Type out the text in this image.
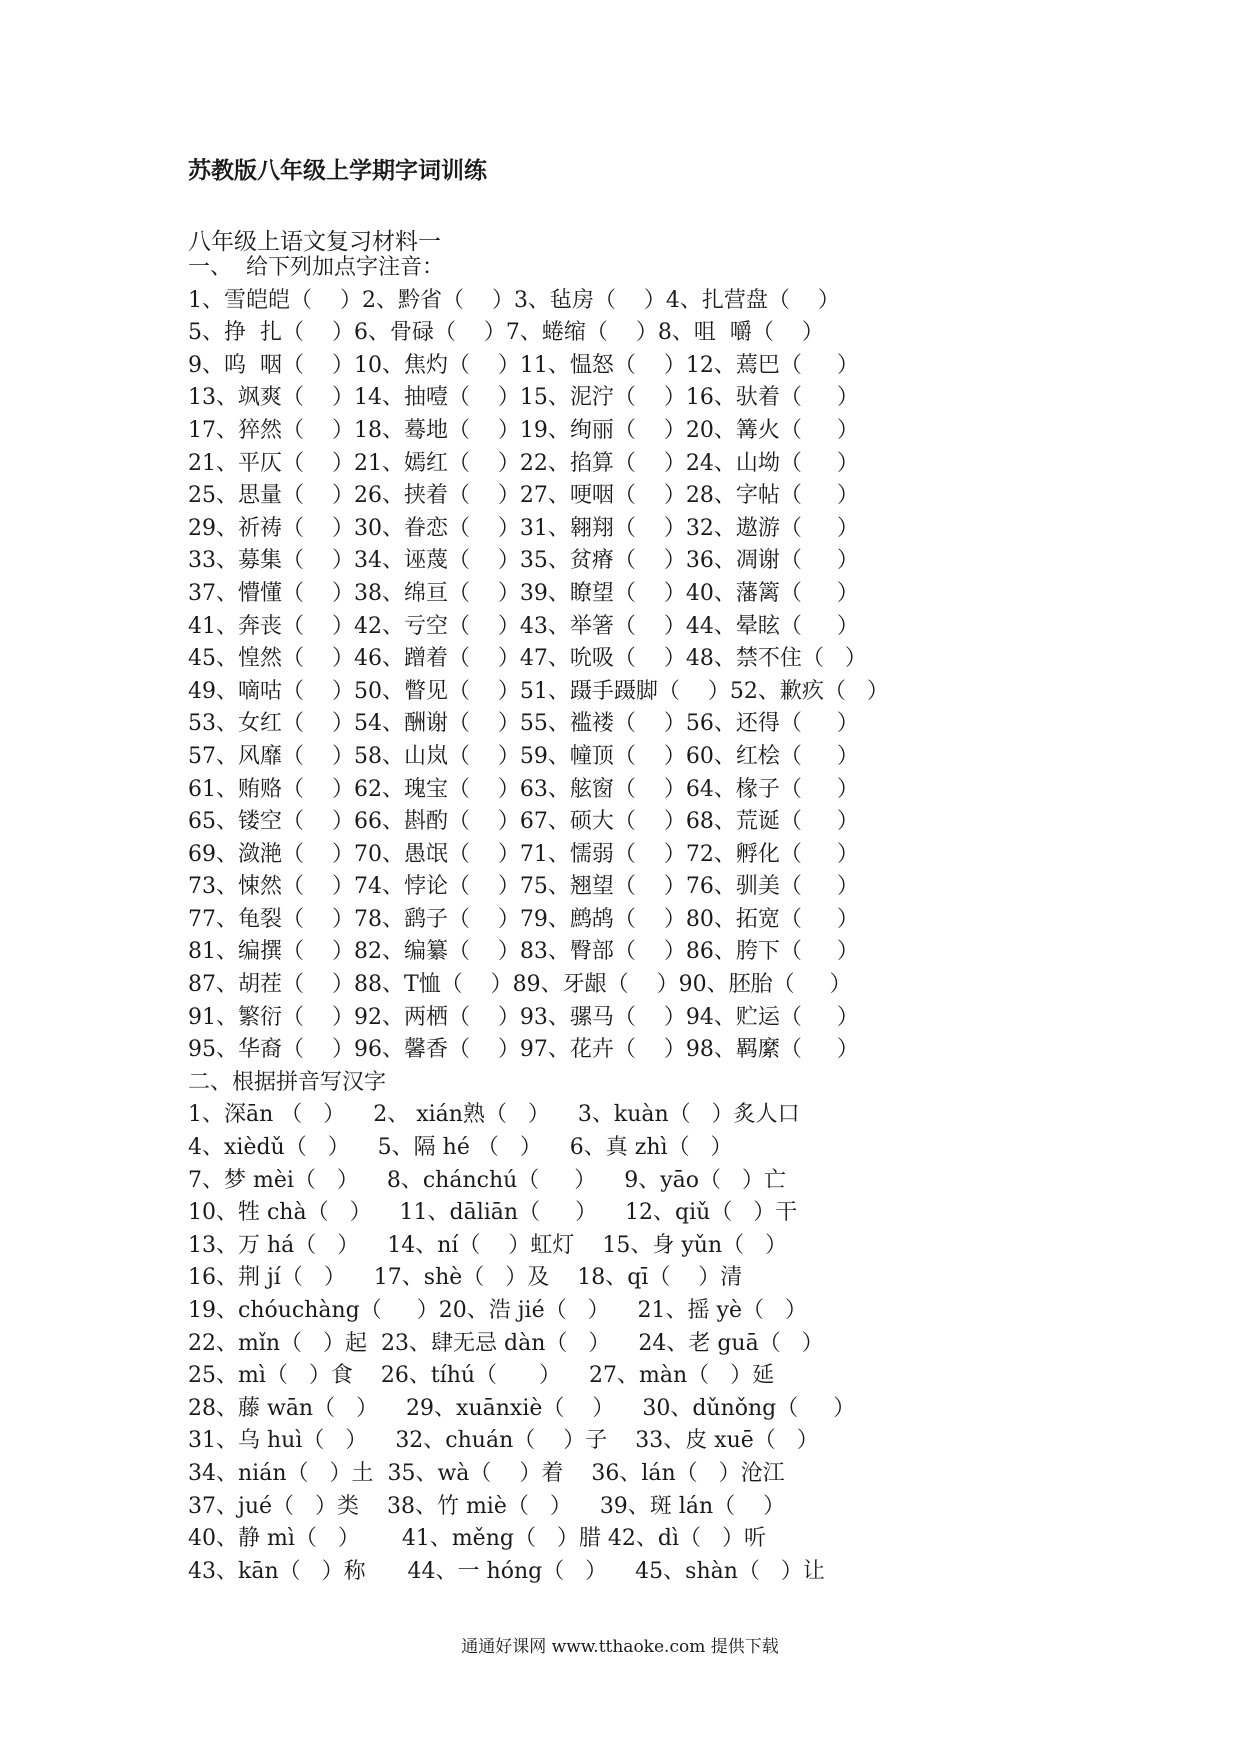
苏教版八年级上学期字词训练
八年级上语文复习材料一
一、  给下列加点字注音：
1、雪皑皑（    ）2、黔省（    ）3、毡房（    ）4、扎营盘（    ）
5、挣  扎（    ）6、骨碌（    ）7、蜷缩（    ）8、咀  嚼（    ）
9、呜  咽（    ）10、焦灼（    ）11、愠怒（    ）12、蔫巴（     ）
13、飒爽（    ）14、抽噎（    ）15、泥泞（    ）16、驮着（     ）
17、猝然（    ）18、蓦地（    ）19、绚丽（    ）20、篝火（     ）
21、平仄（    ）21、嫣红（    ）22、掐算（    ）24、山坳（     ）
25、思量（    ）26、挟着（    ）27、哽咽（    ）28、字帖（     ）
29、祈祷（    ）30、眷恋（    ）31、翱翔（    ）32、遨游（     ）
33、募集（    ）34、诬蔑（    ）35、贫瘠（    ）36、凋谢（     ）
37、懵懂（    ）38、绵亘（    ）39、瞭望（    ）40、藩篱（     ）
41、奔丧（    ）42、亏空（    ）43、举箸（    ）44、晕眩（     ）
45、惶然（    ）46、蹭着（    ）47、吮吸（    ）48、禁不住（   ）
49、嘀咕（    ）50、瞥见（    ）51、蹑手蹑脚（    ）52、歉疚（   ）
53、女红（    ）54、酬谢（    ）55、褴褛（    ）56、还得（     ）
57、风靡（    ）58、山岚（    ）59、幢顶（    ）60、红桧（     ）
61、贿赂（    ）62、瑰宝（    ）63、舷窗（    ）64、椽子（     ）
65、镂空（    ）66、斟酌（    ）67、硕大（    ）68、荒诞（     ）
69、潋滟（    ）70、愚氓（    ）71、懦弱（    ）72、孵化（     ）
73、悚然（    ）74、悖论（    ）75、翘望（    ）76、驯美（     ）
77、龟裂（    ）78、鹞子（    ）79、鹧鸪（    ）80、拓宽（     ）
81、编撰（    ）82、编纂（    ）83、臀部（    ）86、胯下（     ）
87、胡茬（    ）88、T恤（    ）89、牙龈（    ）90、胚胎（     ）
91、繁衍（    ）92、两栖（    ）93、骡马（    ）94、贮运（     ）
95、华裔（    ）96、馨香（    ）97、花卉（    ）98、羁縻（     ）
二、根据拼音写汉字
1、深ān （   ）    2、 xián熟（   ）    3、kuàn（   ）炙人口
4、xièdǔ（   ）    5、隔 hé （   ）    6、真 zhì（   ）
7、梦 mèi（   ）    8、chánchú（     ）    9、yāo（   ）亡
10、牲 chà（   ）    11、dāliān（     ）    12、qiǔ（   ）干
13、万 há（   ）    14、ní（    ）虹灯    15、身 yǔn（   ）
16、荆 jí（   ）    17、shè（   ）及    18、qī（    ）清
19、chóuchàng（     ）20、浩 jié（   ）    21、摇 yè（   ）
22、mǐn（   ）起  23、肆无忌 dàn（   ）    24、老 guā（   ）
25、mì（   ）食    26、tíhú（      ）    27、màn（   ）延
28、藤 wān（   ）    29、xuānxiè（    ）    30、dǔnǒng（     ）
31、乌 huì（   ）    32、chuán（    ）子    33、皮 xuē（   ）
34、nián（   ）土  35、wà（    ）着    36、lán（   ）沧江
37、jué（   ）类    38、竹 miè（   ）    39、斑 lán（    ）
40、静 mì（   ）      41、měng（   ）腊 42、dì（   ）听
43、kān（   ）称      44、一 hóng（   ）    45、shàn（   ）让
通通好课网 www.tthaoke.com 提供下载
